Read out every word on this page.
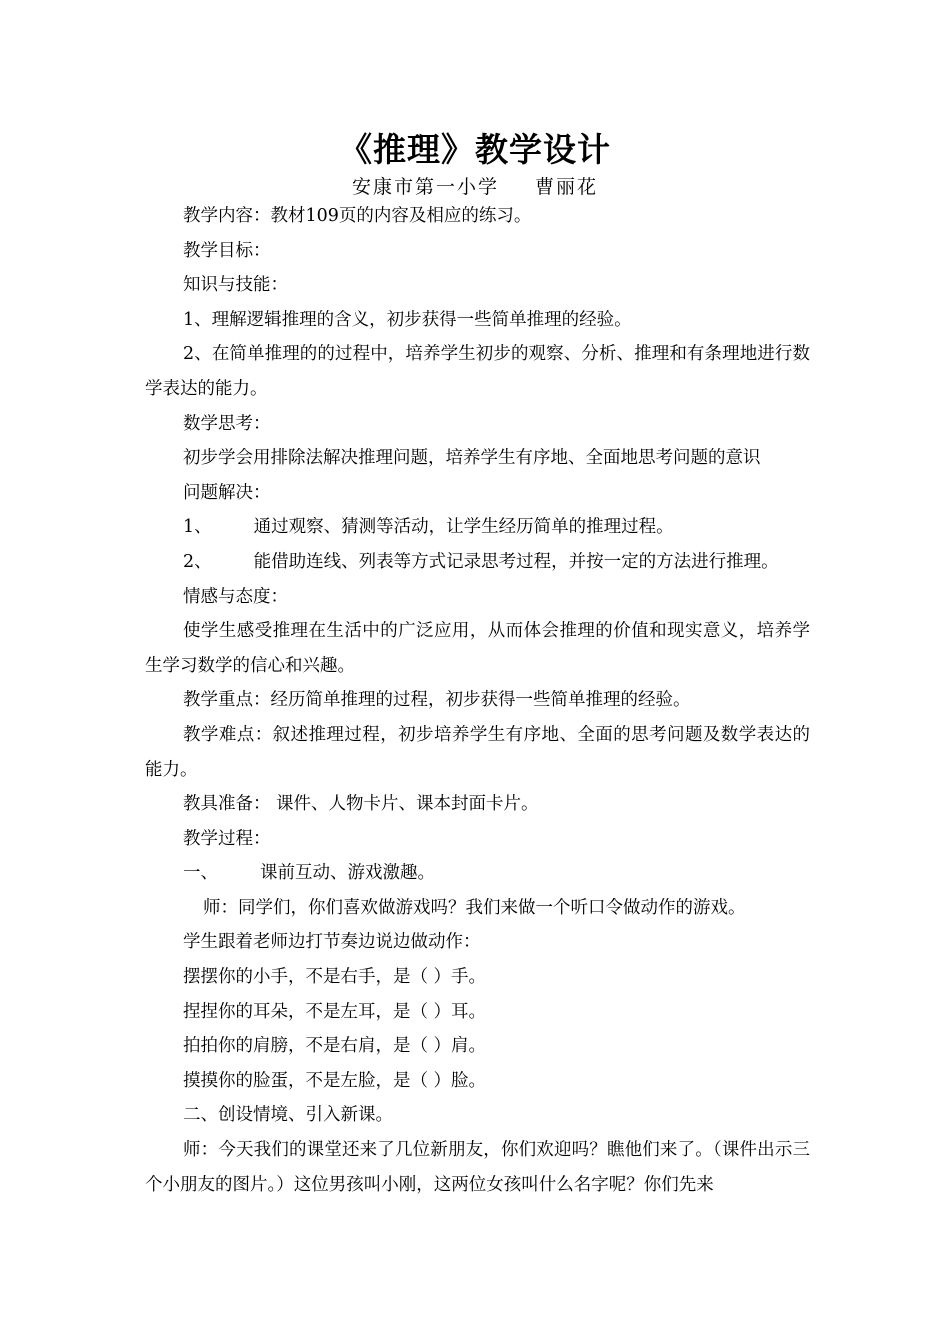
《推理》教学设计
安康市第一小学 曹丽花

教学内容：教材109页的内容及相应的练习。

教学目标：

知识与技能：

1、理解逻辑推理的含义，初步获得一些简单推理的经验。

2、在简单推理的的过程中，培养学生初步的观察、分析、推理和有条理地进行数学表达的能力。

数学思考：

初步学会用排除法解决推理问题，培养学生有序地、全面地思考问题的意识

问题解决：

1、 通过观察、猜测等活动，让学生经历简单的推理过程。

2、 能借助连线、列表等方式记录思考过程，并按一定的方法进行推理。

情感与态度：

使学生感受推理在生活中的广泛应用，从而体会推理的价值和现实意义，培养学生学习数学的信心和兴趣。

教学重点：经历简单推理的过程，初步获得一些简单推理的经验。

教学难点：叙述推理过程，初步培养学生有序地、全面的思考问题及数学表达的能力。

教具准备： 课件、人物卡片、课本封面卡片。

教学过程：

一、 课前互动、游戏激趣。

师：同学们，你们喜欢做游戏吗？我们来做一个听口令做动作的游戏。

学生跟着老师边打节奏边说边做动作：

摆摆你的小手，不是右手，是（ ）手。

捏捏你的耳朵，不是左耳，是（ ）耳。

拍拍你的肩膀，不是右肩，是（ ）肩。

摸摸你的脸蛋，不是左脸，是（ ）脸。

二、创设情境、引入新课。

师：今天我们的课堂还来了几位新朋友，你们欢迎吗？瞧他们来了。（课件出示三个小朋友的图片。）这位男孩叫小刚，这两位女孩叫什么名字呢？你们先来
